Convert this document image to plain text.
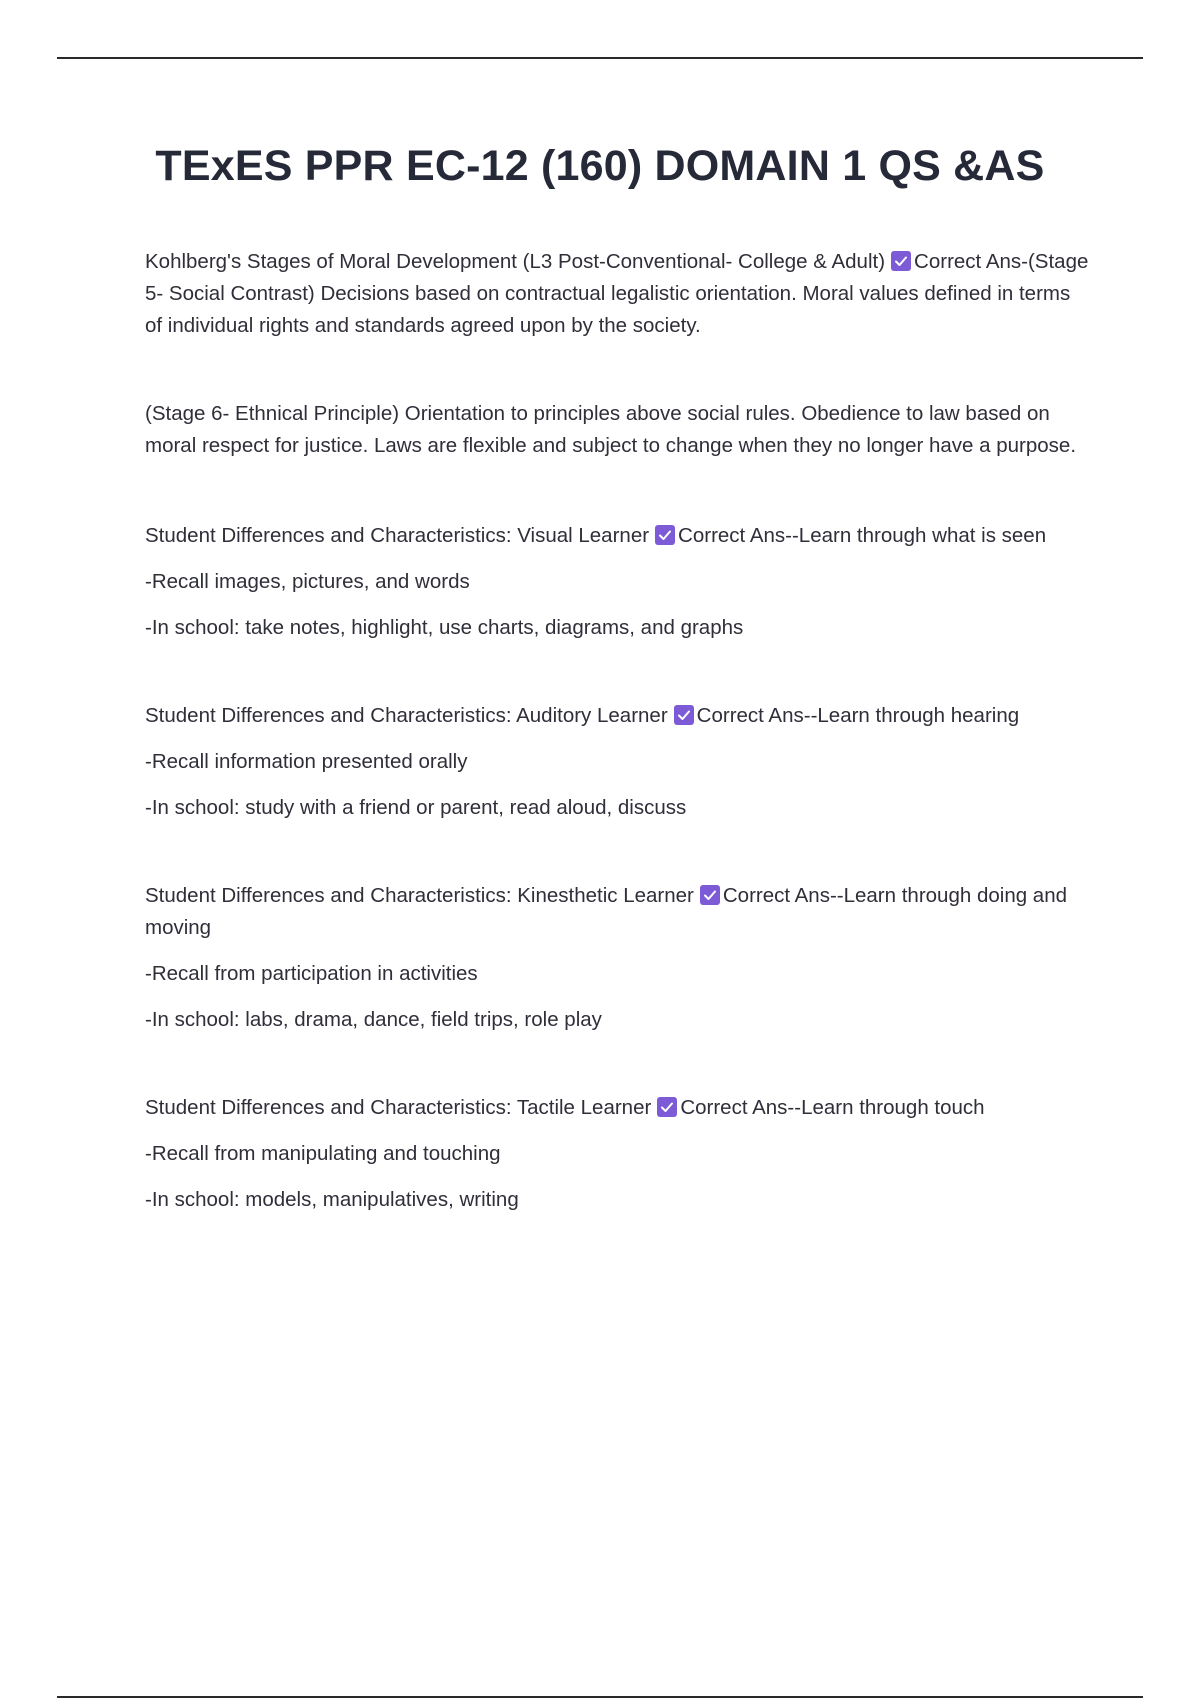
TExES PPR EC-12 (160) DOMAIN 1 QS &AS

Kohlberg's Stages of Moral Development (L3 Post-Conventional- College & Adult) Correct Ans-(Stage 5- Social Contrast) Decisions based on contractual legalistic orientation. Moral values defined in terms of individual rights and standards agreed upon by the society.

(Stage 6- Ethnical Principle) Orientation to principles above social rules. Obedience to law based on moral respect for justice. Laws are flexible and subject to change when they no longer have a purpose.

Student Differences and Characteristics: Visual Learner Correct Ans--Learn through what is seen

-Recall images, pictures, and words

-In school: take notes, highlight, use charts, diagrams, and graphs

Student Differences and Characteristics: Auditory Learner Correct Ans--Learn through hearing

-Recall information presented orally

-In school: study with a friend or parent, read aloud, discuss

Student Differences and Characteristics: Kinesthetic Learner Correct Ans--Learn through doing and moving

-Recall from participation in activities

-In school: labs, drama, dance, field trips, role play

Student Differences and Characteristics: Tactile Learner Correct Ans--Learn through touch

-Recall from manipulating and touching

-In school: models, manipulatives, writing
